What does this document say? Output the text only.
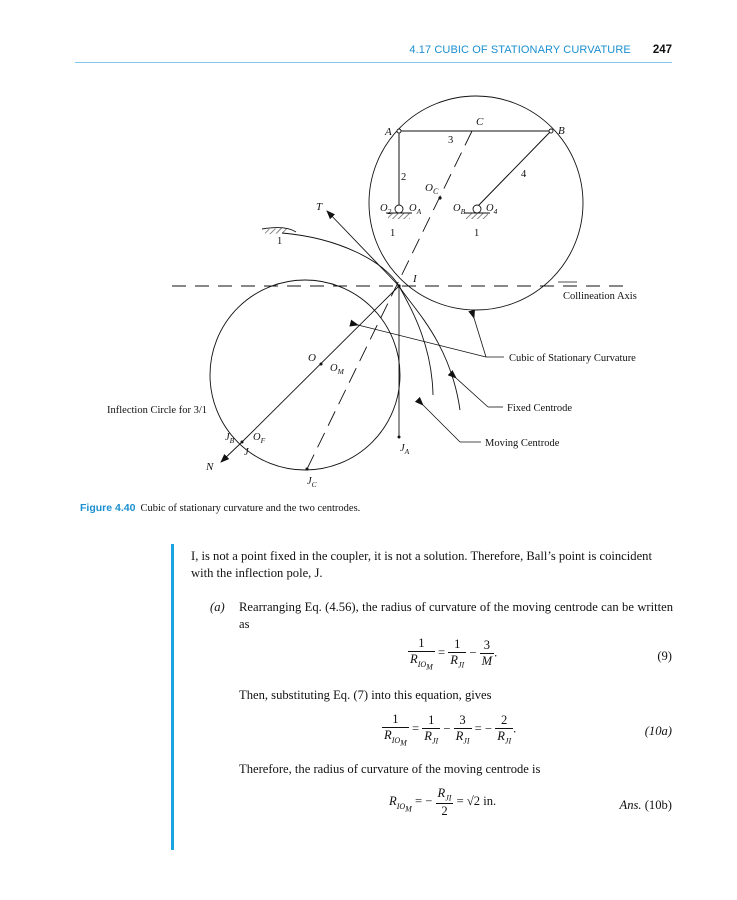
4.17 CUBIC OF STATIONARY CURVATURE 247
A	B
C
3
2	4
$O_C$
$O_2$ $O_A$	$O_B$ $O_4$
1	1
T
I
1
O
$O_M$
$J_B$ $O_F$
J	$J_A$
N
$J_C$
Collineation Axis
Cubic of Stationary Curvature
Fixed Centrode
Moving Centrode
Inflection Circle for 3/1
Figure 4.40 Cubic of stationary curvature and the two centrodes.
I, is not a point fixed in the coupler, it is not a solution. Therefore, Ball’s point is coincident
with the inflection pole, J.
(a) Rearranging Eq. (4.56), the radius of curvature of the moving centrode can be written as
$\frac{1}{R_{IO_M}} = \frac{1}{R_{JI}} - \frac{3}{M}$ .	(9)
Then, substituting Eq. (7) into this equation, gives
$\frac{1}{R_{IO_M}} = \frac{1}{R_{JI}} - \frac{3}{R_{JI}}$ = − $\frac{2}{R_{JI}}$ .	(10a)
Therefore, the radius of curvature of the moving centrode is
$R_{IO_M}$ = − $\frac{R_{JI}}{2} = √2$ in.	Ans. (10b)
